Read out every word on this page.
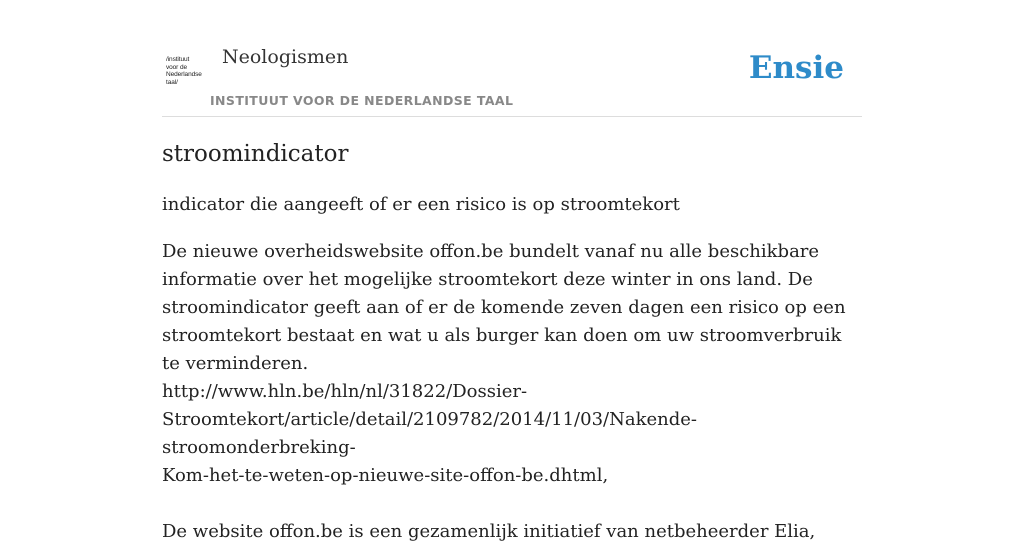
/instituut
voor de
Nederlandse
taal/
Neologismen
INSTITUUT VOOR DE NEDERLANDSE TAAL
Ensie
stroomindicator

indicator die aangeeft of er een risico is op stroomtekort

De nieuwe overheidswebsite offon.be bundelt vanaf nu alle beschikbare informatie over het mogelijke stroomtekort deze winter in ons land. De stroomindicator geeft aan of er de komende zeven dagen een risico op een stroomtekort bestaat en wat u als burger kan doen om uw stroomverbruik te verminderen.
http://www.hln.be/hln/nl/31822/Dossier-
Stroomtekort/article/detail/2109782/2014/11/03/Nakende-stroomonderbreking-
Kom-het-te-weten-op-nieuwe-site-offon-be.dhtml,
De website offon.be is een gezamenlijk initiatief van netbeheerder Elia,
